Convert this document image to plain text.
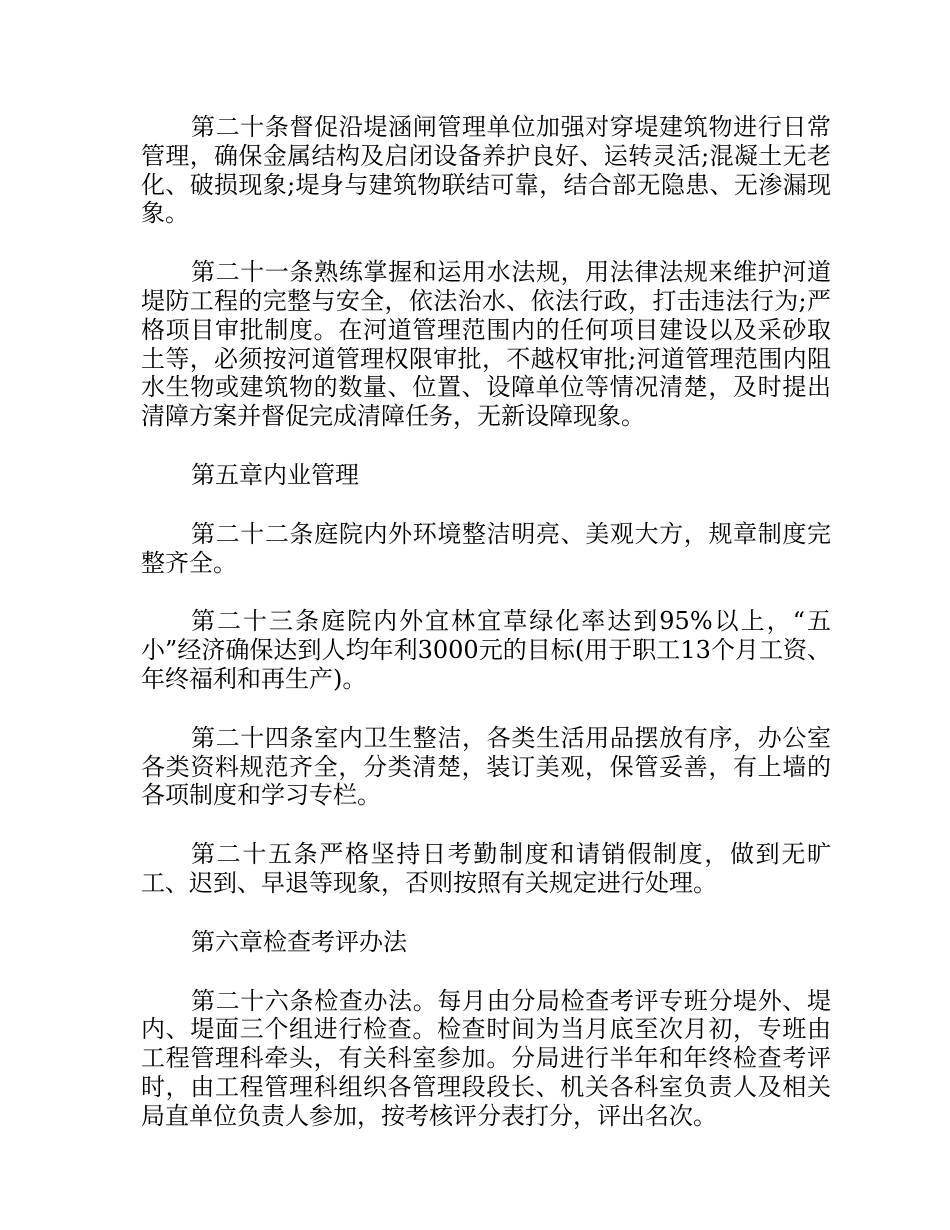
第二十条督促沿堤涵闸管理单位加强对穿堤建筑物进行日常管理，确保金属结构及启闭设备养护良好、运转灵活;混凝土无老化、破损现象;堤身与建筑物联结可靠，结合部无隐患、无渗漏现象。

第二十一条熟练掌握和运用水法规，用法律法规来维护河道堤防工程的完整与安全，依法治水、依法行政，打击违法行为;严格项目审批制度。在河道管理范围内的任何项目建设以及采砂取土等，必须按河道管理权限审批，不越权审批;河道管理范围内阻水生物或建筑物的数量、位置、设障单位等情况清楚，及时提出清障方案并督促完成清障任务，无新设障现象。

第五章内业管理

第二十二条庭院内外环境整洁明亮、美观大方，规章制度完整齐全。

第二十三条庭院内外宜林宜草绿化率达到95%以上，“五小”经济确保达到人均年利3000元的目标(用于职工13个月工资、年终福利和再生产)。

第二十四条室内卫生整洁，各类生活用品摆放有序，办公室各类资料规范齐全，分类清楚，装订美观，保管妥善，有上墙的各项制度和学习专栏。

第二十五条严格坚持日考勤制度和请销假制度，做到无旷工、迟到、早退等现象，否则按照有关规定进行处理。

第六章检查考评办法

第二十六条检查办法。每月由分局检查考评专班分堤外、堤内、堤面三个组进行检查。检查时间为当月底至次月初，专班由工程管理科牵头，有关科室参加。分局进行半年和年终检查考评时，由工程管理科组织各管理段段长、机关各科室负责人及相关局直单位负责人参加，按考核评分表打分，评出名次。
